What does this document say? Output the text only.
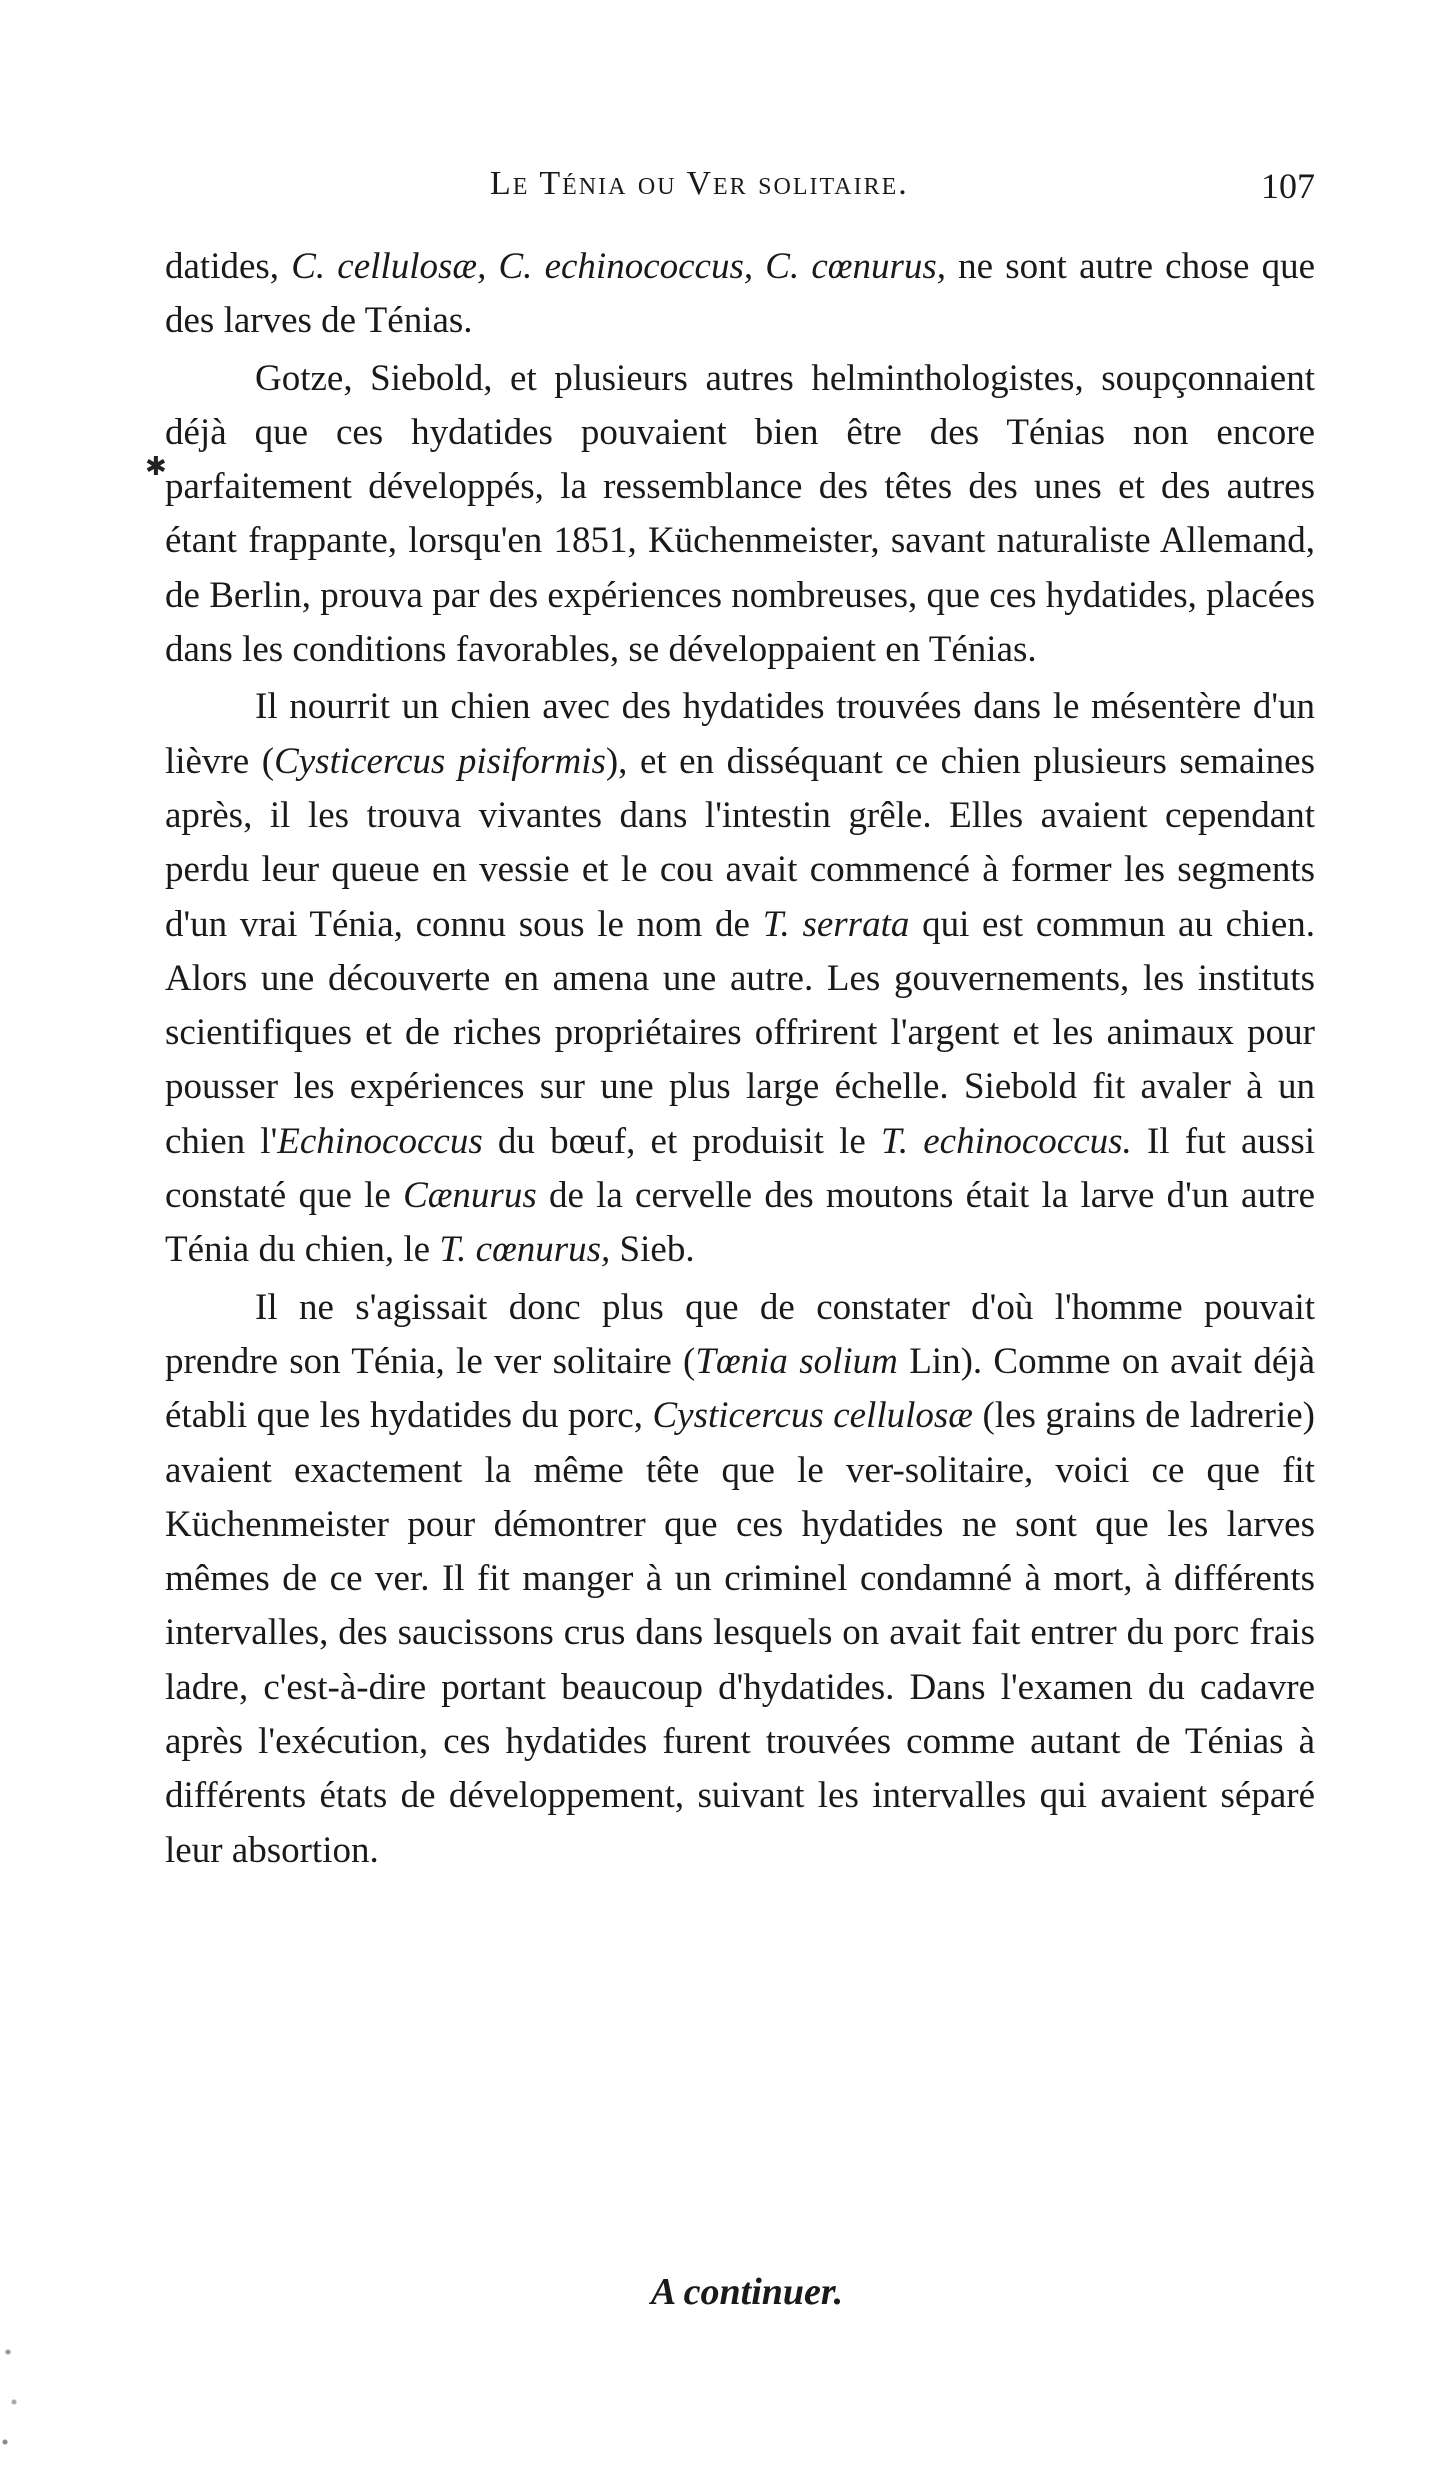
Le Ténia ou Ver solitaire.	107
✱

datides, C. cellulosæ, C. echinococcus, C. cœnurus, ne sont autre chose que des larves de Ténias.

Gotze, Siebold, et plusieurs autres helminthologistes, soupçonnaient déjà que ces hydatides pouvaient bien être des Ténias non encore parfaitement développés, la ressemblance des têtes des unes et des autres étant frappante, lorsqu'en 1851, Küchenmeister, savant naturaliste Allemand, de Berlin, prouva par des expériences nombreuses, que ces hydatides, placées dans les conditions favorables, se développaient en Ténias.

Il nourrit un chien avec des hydatides trouvées dans le mésentère d'un lièvre (Cysticercus pisiformis), et en disséquant ce chien plusieurs semaines après, il les trouva vivantes dans l'intestin grêle. Elles avaient cependant perdu leur queue en vessie et le cou avait commencé à former les segments d'un vrai Ténia, connu sous le nom de T. serrata qui est commun au chien. Alors une découverte en amena une autre. Les gouvernements, les instituts scientifiques et de riches propriétaires offrirent l'argent et les animaux pour pousser les expériences sur une plus large échelle. Siebold fit avaler à un chien l'Echinococcus du bœuf, et produisit le T. echinococcus. Il fut aussi constaté que le Cænurus de la cervelle des moutons était la larve d'un autre Ténia du chien, le T. cœnurus, Sieb.

Il ne s'agissait donc plus que de constater d'où l'homme pouvait prendre son Ténia, le ver solitaire (Tœnia solium Lin). Comme on avait déjà établi que les hydatides du porc, Cysticercus cellulosæ (les grains de ladrerie) avaient exactement la même tête que le ver-solitaire, voici ce que fit Küchenmeister pour démontrer que ces hydatides ne sont que les larves mêmes de ce ver. Il fit manger à un criminel condamné à mort, à différents intervalles, des saucissons crus dans lesquels on avait fait entrer du porc frais ladre, c'est-à-dire portant beaucoup d'hydatides. Dans l'examen du cadavre après l'exécution, ces hydatides furent trouvées comme autant de Ténias à différents états de développement, suivant les intervalles qui avaient séparé leur absortion.

A continuer.
